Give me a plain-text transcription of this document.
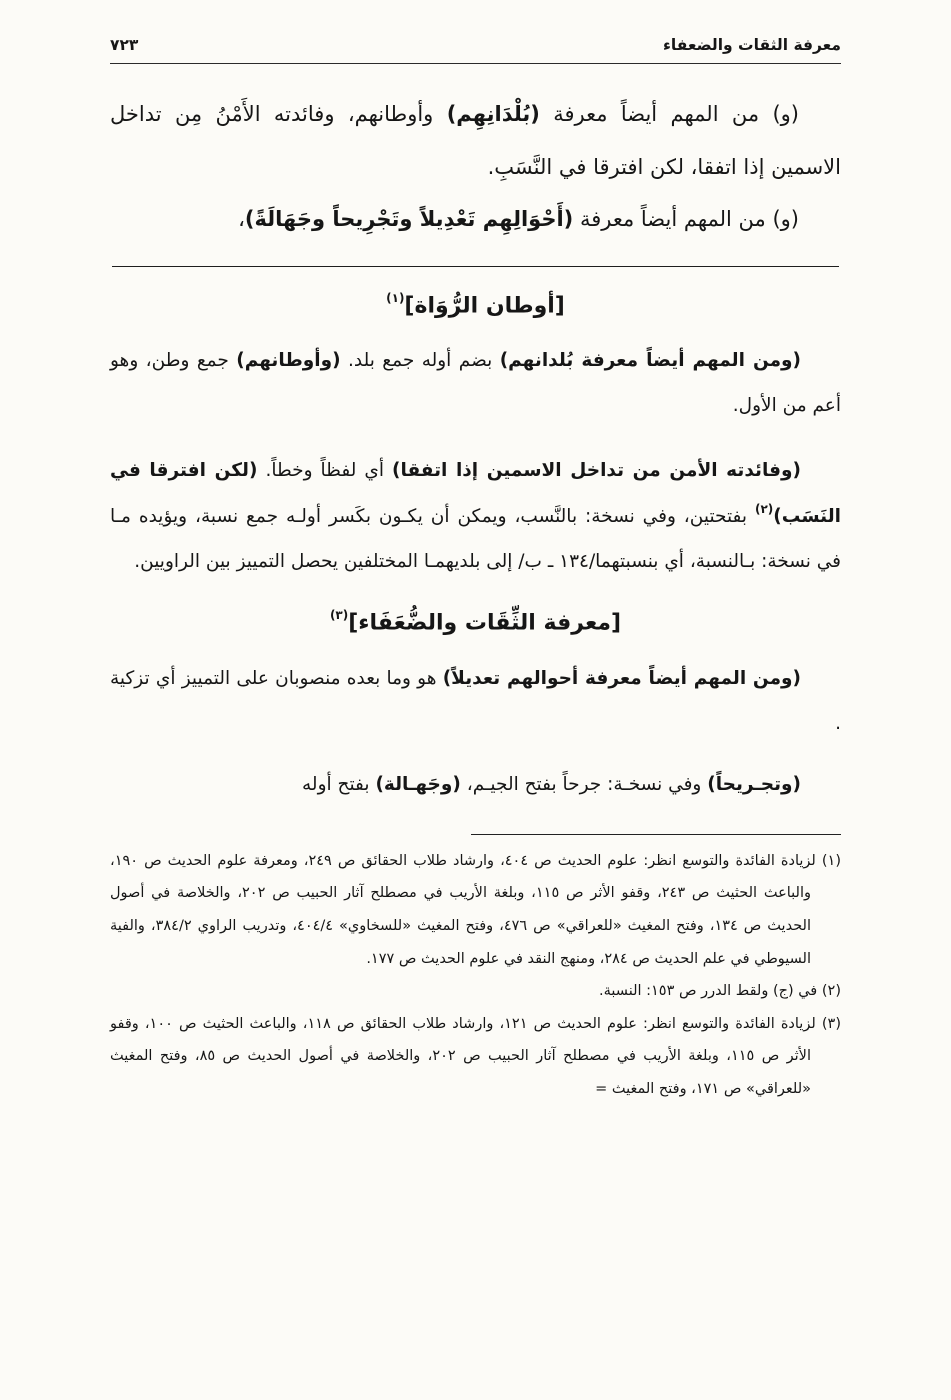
معرفة الثقات والضعفاء
٧٢٣

(و) من المهم أيضاً معرفة (بُلْدَانِهِم) وأوطانهم، وفائدته الأَمْنُ مِن تداخل الاسمين إذا اتفقا، لكن افترقا في النَّسَبِ.

(و) من المهم أيضاً معرفة (أَحْوَالِهِم تَعْدِيلاً وتَجْرِيحاً وجَهَالَةً)،

[أوطان الرُّوَاة]$^{(١)}$

(ومن المهم أيضاً معرفة بُلدانهم) بضم أوله جمع بلد. (وأوطانهم) جمع وطن، وهو أعم من الأول.

(وفائدته الأمن من تداخل الاسمين إذا اتفقا) أي لفظاً وخطاً. (لكن افترقا في النَسَب)$^{(٢)}$ بفتحتين، وفي نسخة: بالنَّسب، ويمكن أن يكـون بكَسر أولـه جمع نسبة، ويؤيده مـا في نسخة: بـالنسبة، أي بنسبتهما/١٣٤ ـ ب/ إلى بلديهمـا المختلفين يحصل التمييز بين الراويين.

[معرفة الثِّقَات والضُّعَفَاء]$^{(٣)}$

(ومن المهم أيضاً معرفة أحوالهم تعديلاً) هو وما بعده منصوبان على التمييز أي تزكية .

(وتجـريحاً) وفي نسخـة: جرحاً بفتح الجيـم، (وجَهـالة) بفتح أوله

(١) لزيادة الفائدة والتوسع انظر: علوم الحديث ص ٤٠٤، وارشاد طلاب الحقائق ص ٢٤٩، ومعرفة علوم الحديث ص ١٩٠، والباعث الحثيث ص ٢٤٣، وقفو الأثر ص ١١٥، وبلغة الأريب في مصطلح آثار الحبيب ص ٢٠٢، والخلاصة في أصول الحديث ص ١٣٤، وفتح المغيث «للعراقي» ص ٤٧٦، وفتح المغيث «للسخاوي» ٤٠٤/٤، وتدريب الراوي ٣٨٤/٢، والفية السيوطي في علم الحديث ص ٢٨٤، ومنهج النقد في علوم الحديث ص ١٧٧.

(٢) في (ج) ولقط الدرر ص ١٥٣: النسبة.

(٣) لزيادة الفائدة والتوسع انظر: علوم الحديث ص ١٢١، وارشاد طلاب الحقائق ص ١١٨، والباعث الحثيث ص ١٠٠، وقفو الأثر ص ١١٥، وبلغة الأريب في مصطلح آثار الحبيب ص ٢٠٢، والخلاصة في أصول الحديث ص ٨٥، وفتح المغيث «للعراقي» ص ١٧١، وفتح المغيث =
